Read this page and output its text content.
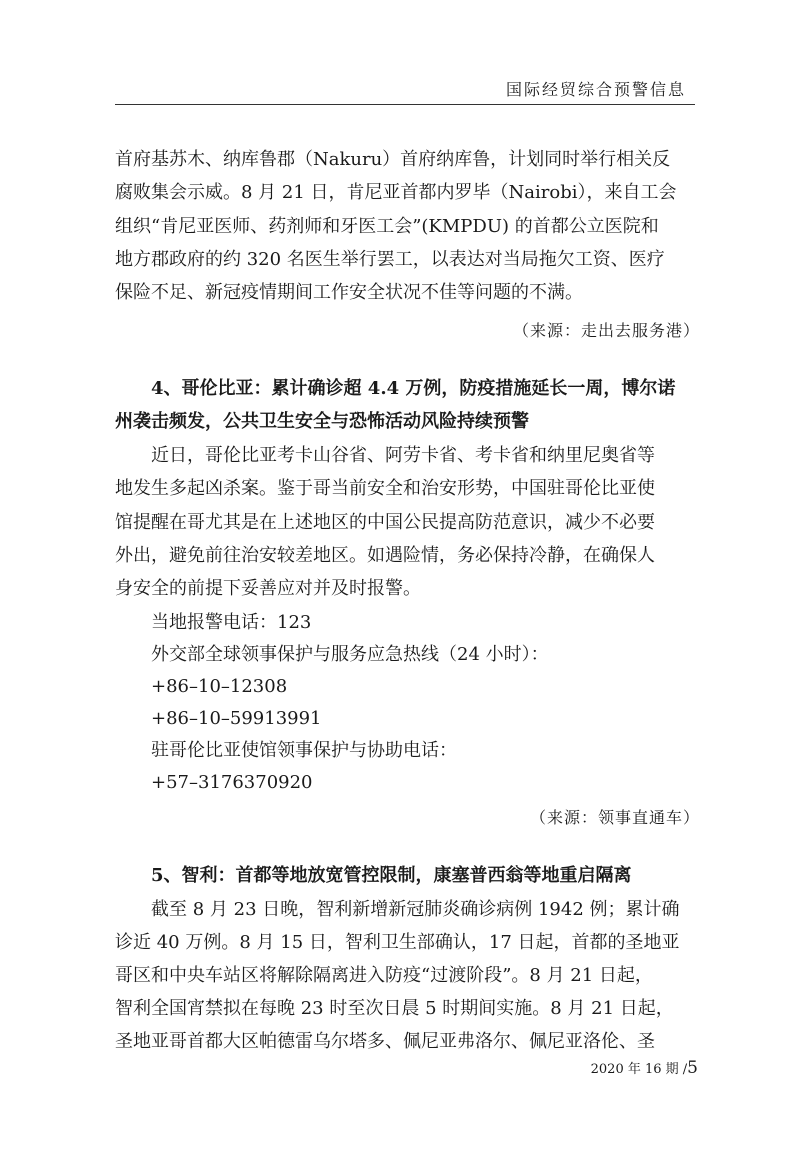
国际经贸综合预警信息
首府基苏木、纳库鲁郡（Nakuru）首府纳库鲁，计划同时举行相关反
腐败集会示威。8 月 21 日，肯尼亚首都内罗毕（Nairobi），来自工会
组织“肯尼亚医师、药剂师和牙医工会”(KMPDU) 的首都公立医院和
地方郡政府的约 320 名医生举行罢工，以表达对当局拖欠工资、医疗
保险不足、新冠疫情期间工作安全状况不佳等问题的不满。
（来源：走出去服务港）
4、哥伦比亚：累计确诊超 4.4 万例，防疫措施延长一周，博尔诺
州袭击频发，公共卫生安全与恐怖活动风险持续预警
近日，哥伦比亚考卡山谷省、阿劳卡省、考卡省和纳里尼奥省等
地发生多起凶杀案。鉴于哥当前安全和治安形势，中国驻哥伦比亚使
馆提醒在哥尤其是在上述地区的中国公民提高防范意识，减少不必要
外出，避免前往治安较差地区。如遇险情，务必保持冷静，在确保人
身安全的前提下妥善应对并及时报警。
当地报警电话：123
外交部全球领事保护与服务应急热线（24 小时）：
+86–10–12308
+86–10–59913991
驻哥伦比亚使馆领事保护与协助电话：
+57–3176370920
（来源：领事直通车）
5、智利：首都等地放宽管控限制，康塞普西翁等地重启隔离
截至 8 月 23 日晚，智利新增新冠肺炎确诊病例 1942 例；累计确
诊近 40 万例。8 月 15 日，智利卫生部确认，17 日起，首都的圣地亚
哥区和中央车站区将解除隔离进入防疫“过渡阶段”。8 月 21 日起，
智利全国宵禁拟在每晚 23 时至次日晨 5 时期间实施。8 月 21 日起，
圣地亚哥首都大区帕德雷乌尔塔多、佩尼亚弗洛尔、佩尼亚洛伦、圣
2020 年 16 期 /5
